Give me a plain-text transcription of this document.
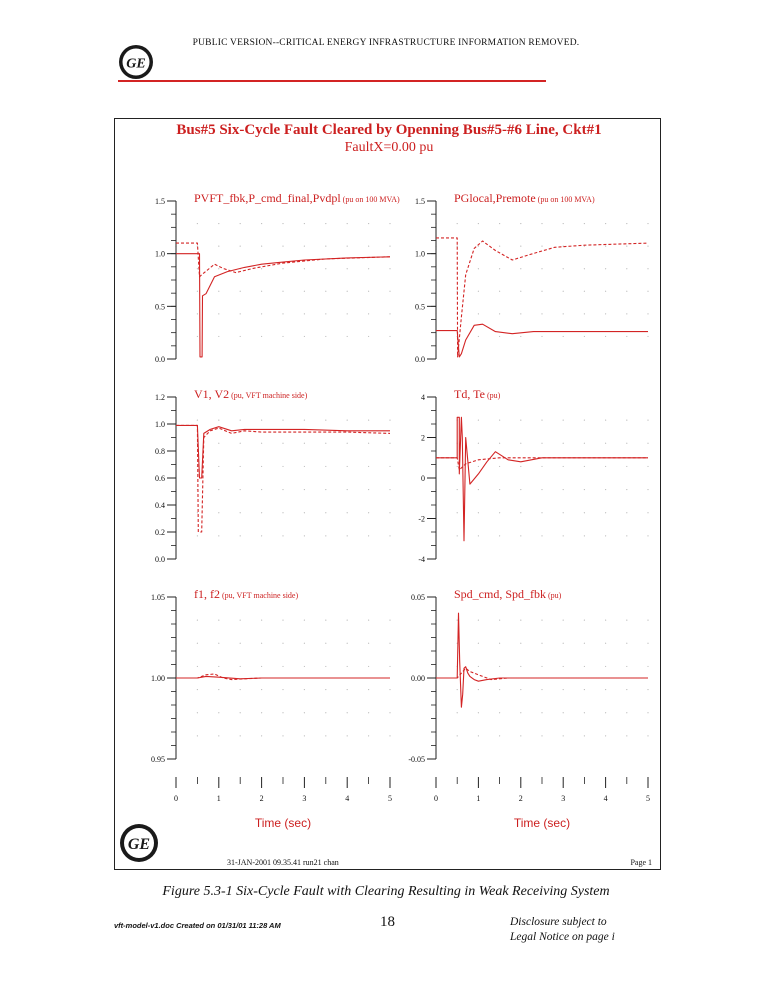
GE
PUBLIC VERSION--CRITICAL ENERGY INFRASTRUCTURE INFORMATION REMOVED.
Bus#5 Six-Cycle Fault Cleared by Openning Bus#5-#6 Line, Ckt#1
FaultX=0.00 pu
1.5
1.0
0.5
0.0
PVFT_fbk,P_cmd_final,Pvdpl (pu on 100 MVA) 1.5
1.0
0.5
0.0
PGlocal,Premote (pu on 100 MVA)
1.2
1.0
0.8
0.6
0.4
0.2
0.0
V1, V2 (pu, VFT machine side)	4
2
0
-2
-4
Td, Te (pu)
1.05
1.00
0.95
f1, f2 (pu, VFT machine side)
0	1	2	3	4	5
Time (sec)
0.05
0.00
-0.05
Spd_cmd, Spd_fbk (pu)
0	1	2	3	4	5
Time (sec)
GE
31-JAN-2001 09.35.41 run21 chan	Page 1
Figure 5.3-1 Six-Cycle Fault with Clearing Resulting in Weak Receiving System
vft-model-v1.doc Created on 01/31/01 11:28 AM	18	Disclosure subject to
Legal Notice on page i
